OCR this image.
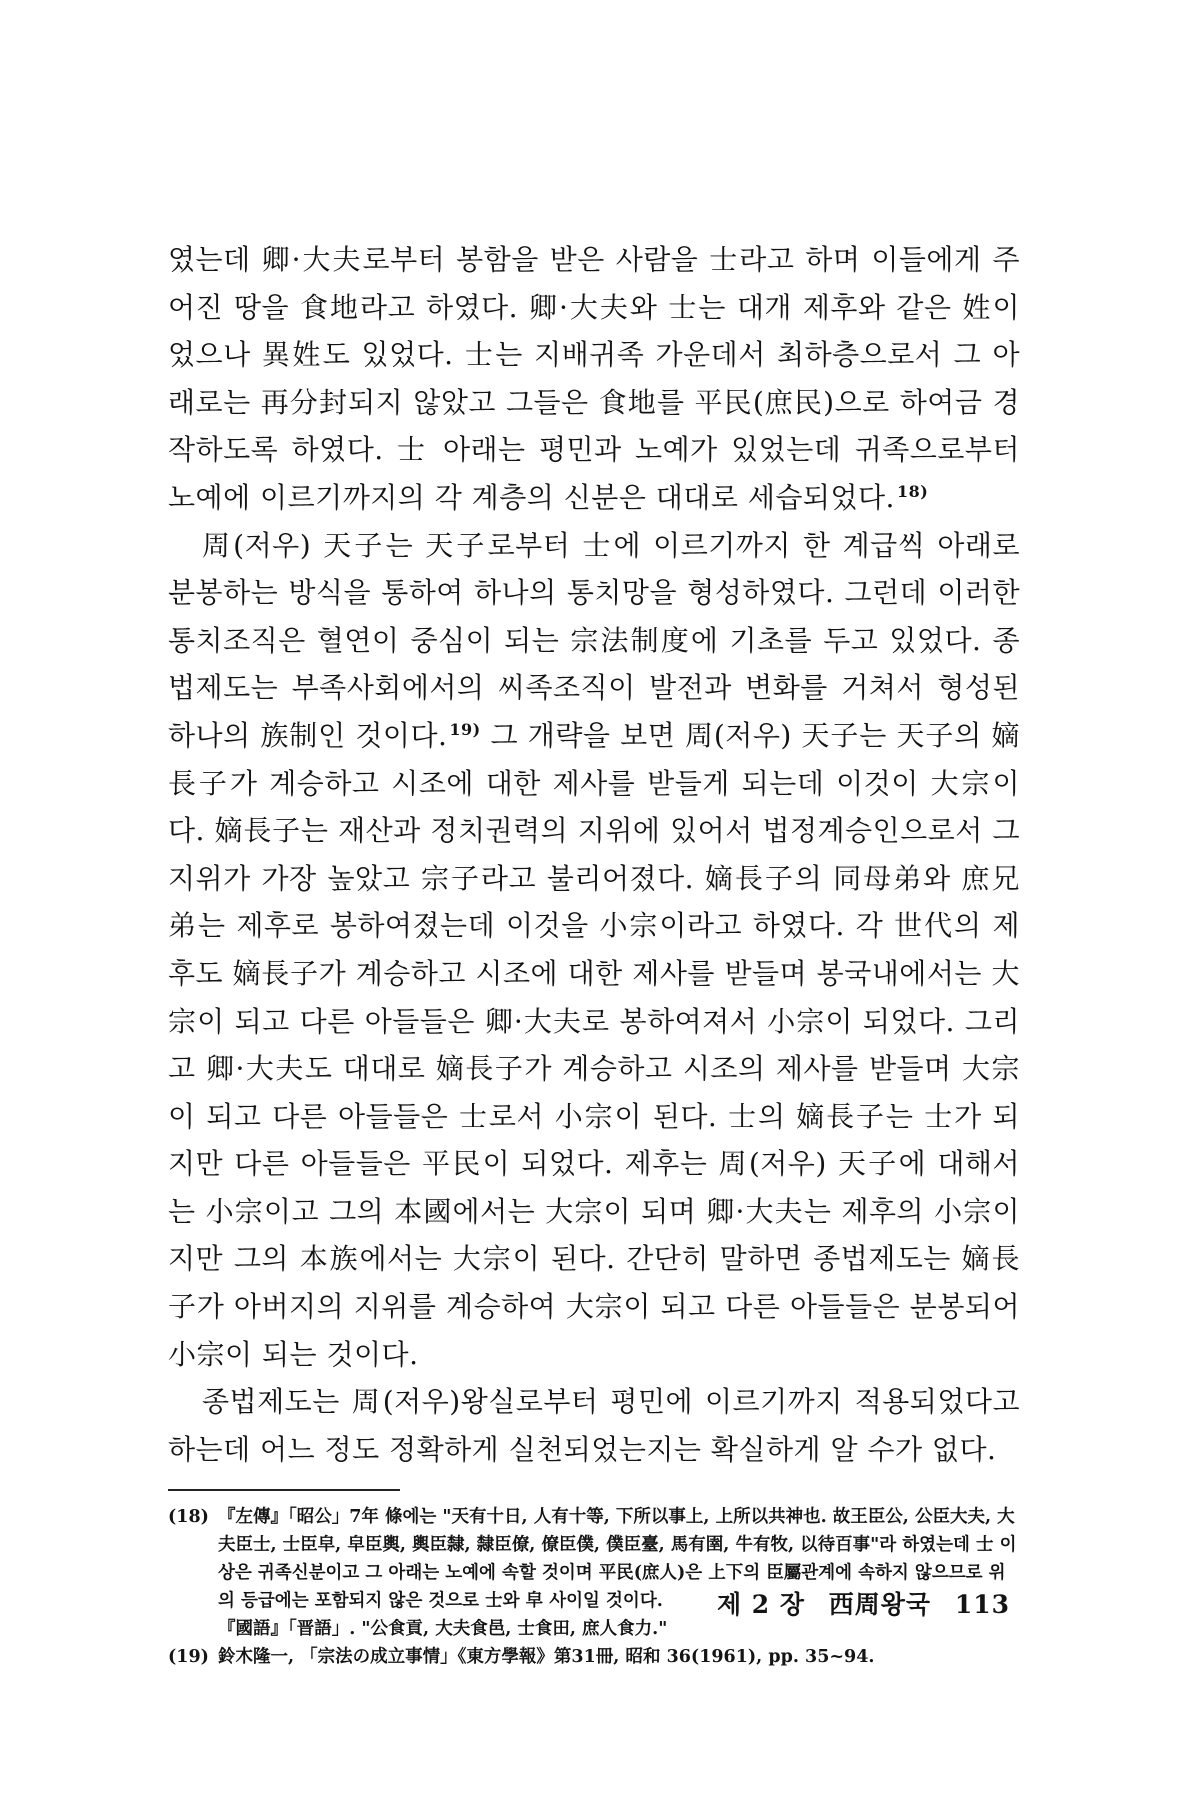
였는데 卿·大夫로부터 봉함을 받은 사람을 士라고 하며 이들에게 주어진 땅을 食地라고 하였다. 卿·大夫와 士는 대개 제후와 같은 姓이었으나 異姓도 있었다. 士는 지배귀족 가운데서 최하층으로서 그 아래로는 再分封되지 않았고 그들은 食地를 平民(庶民)으로 하여금 경작하도록 하였다. 士 아래는 평민과 노예가 있었는데 귀족으로부터 노예에 이르기까지의 각 계층의 신분은 대대로 세습되었다. $^{18)}$

周(저우) 天子는 天子로부터 士에 이르기까지 한 계급씩 아래로 분봉하는 방식을 통하여 하나의 통치망을 형성하였다. 그런데 이러한 통치조직은 혈연이 중심이 되는 宗法制度에 기초를 두고 있었다. 종법제도는 부족사회에서의 씨족조직이 발전과 변화를 거쳐서 형성된 하나의 族制인 것이다. $^{19)}$ 그 개략을 보면 周(저우) 天子는 天子의 嫡長子가 계승하고 시조에 대한 제사를 받들게 되는데 이것이 大宗이다. 嫡長子는 재산과 정치권력의 지위에 있어서 법정계승인으로서 그 지위가 가장 높았고 宗子라고 불리어졌다. 嫡長子의 同母弟와 庶兄弟는 제후로 봉하여졌는데 이것을 小宗이라고 하였다. 각 世代의 제후도 嫡長子가 계승하고 시조에 대한 제사를 받들며 봉국내에서는 大宗이 되고 다른 아들들은 卿·大夫로 봉하여져서 小宗이 되었다. 그리고 卿·大夫도 대대로 嫡長子가 계승하고 시조의 제사를 받들며 大宗이 되고 다른 아들들은 士로서 小宗이 된다. 士의 嫡長子는 士가 되지만 다른 아들들은 平民이 되었다. 제후는 周(저우) 天子에 대해서는 小宗이고 그의 本國에서는 大宗이 되며 卿·大夫는 제후의 小宗이지만 그의 本族에서는 大宗이 된다. 간단히 말하면 종법제도는 嫡長子가 아버지의 지위를 계승하여 大宗이 되고 다른 아들들은 분봉되어 小宗이 되는 것이다.

종법제도는 周(저우)왕실로부터 평민에 이르기까지 적용되었다고 하는데 어느 정도 정확하게 실천되었는지는 확실하게 알 수가 없다.

(18) 『左傳』「昭公」7年 條에는 "天有十日, 人有十等, 下所以事上, 上所以共神也. 故王臣公, 公臣大夫, 大夫臣士, 士臣皁, 皁臣輿, 輿臣隸, 隸臣僚, 僚臣僕, 僕臣臺, 馬有圉, 牛有牧, 以待百事"라 하였는데 士 이상은 귀족신분이고 그 아래는 노예에 속할 것이며 平民(庶人)은 上下의 臣屬관계에 속하지 않으므로 위의 등급에는 포함되지 않은 것으로 士와 皁 사이일 것이다.
『國語』「晋語」. "公食貢, 大夫食邑, 士食田, 庶人食力."
(19) 鈴木隆一, 「宗法の成立事情」《東方學報》第31冊, 昭和 36(1961), pp. 35~94.
제 2 장 西周왕국 113
